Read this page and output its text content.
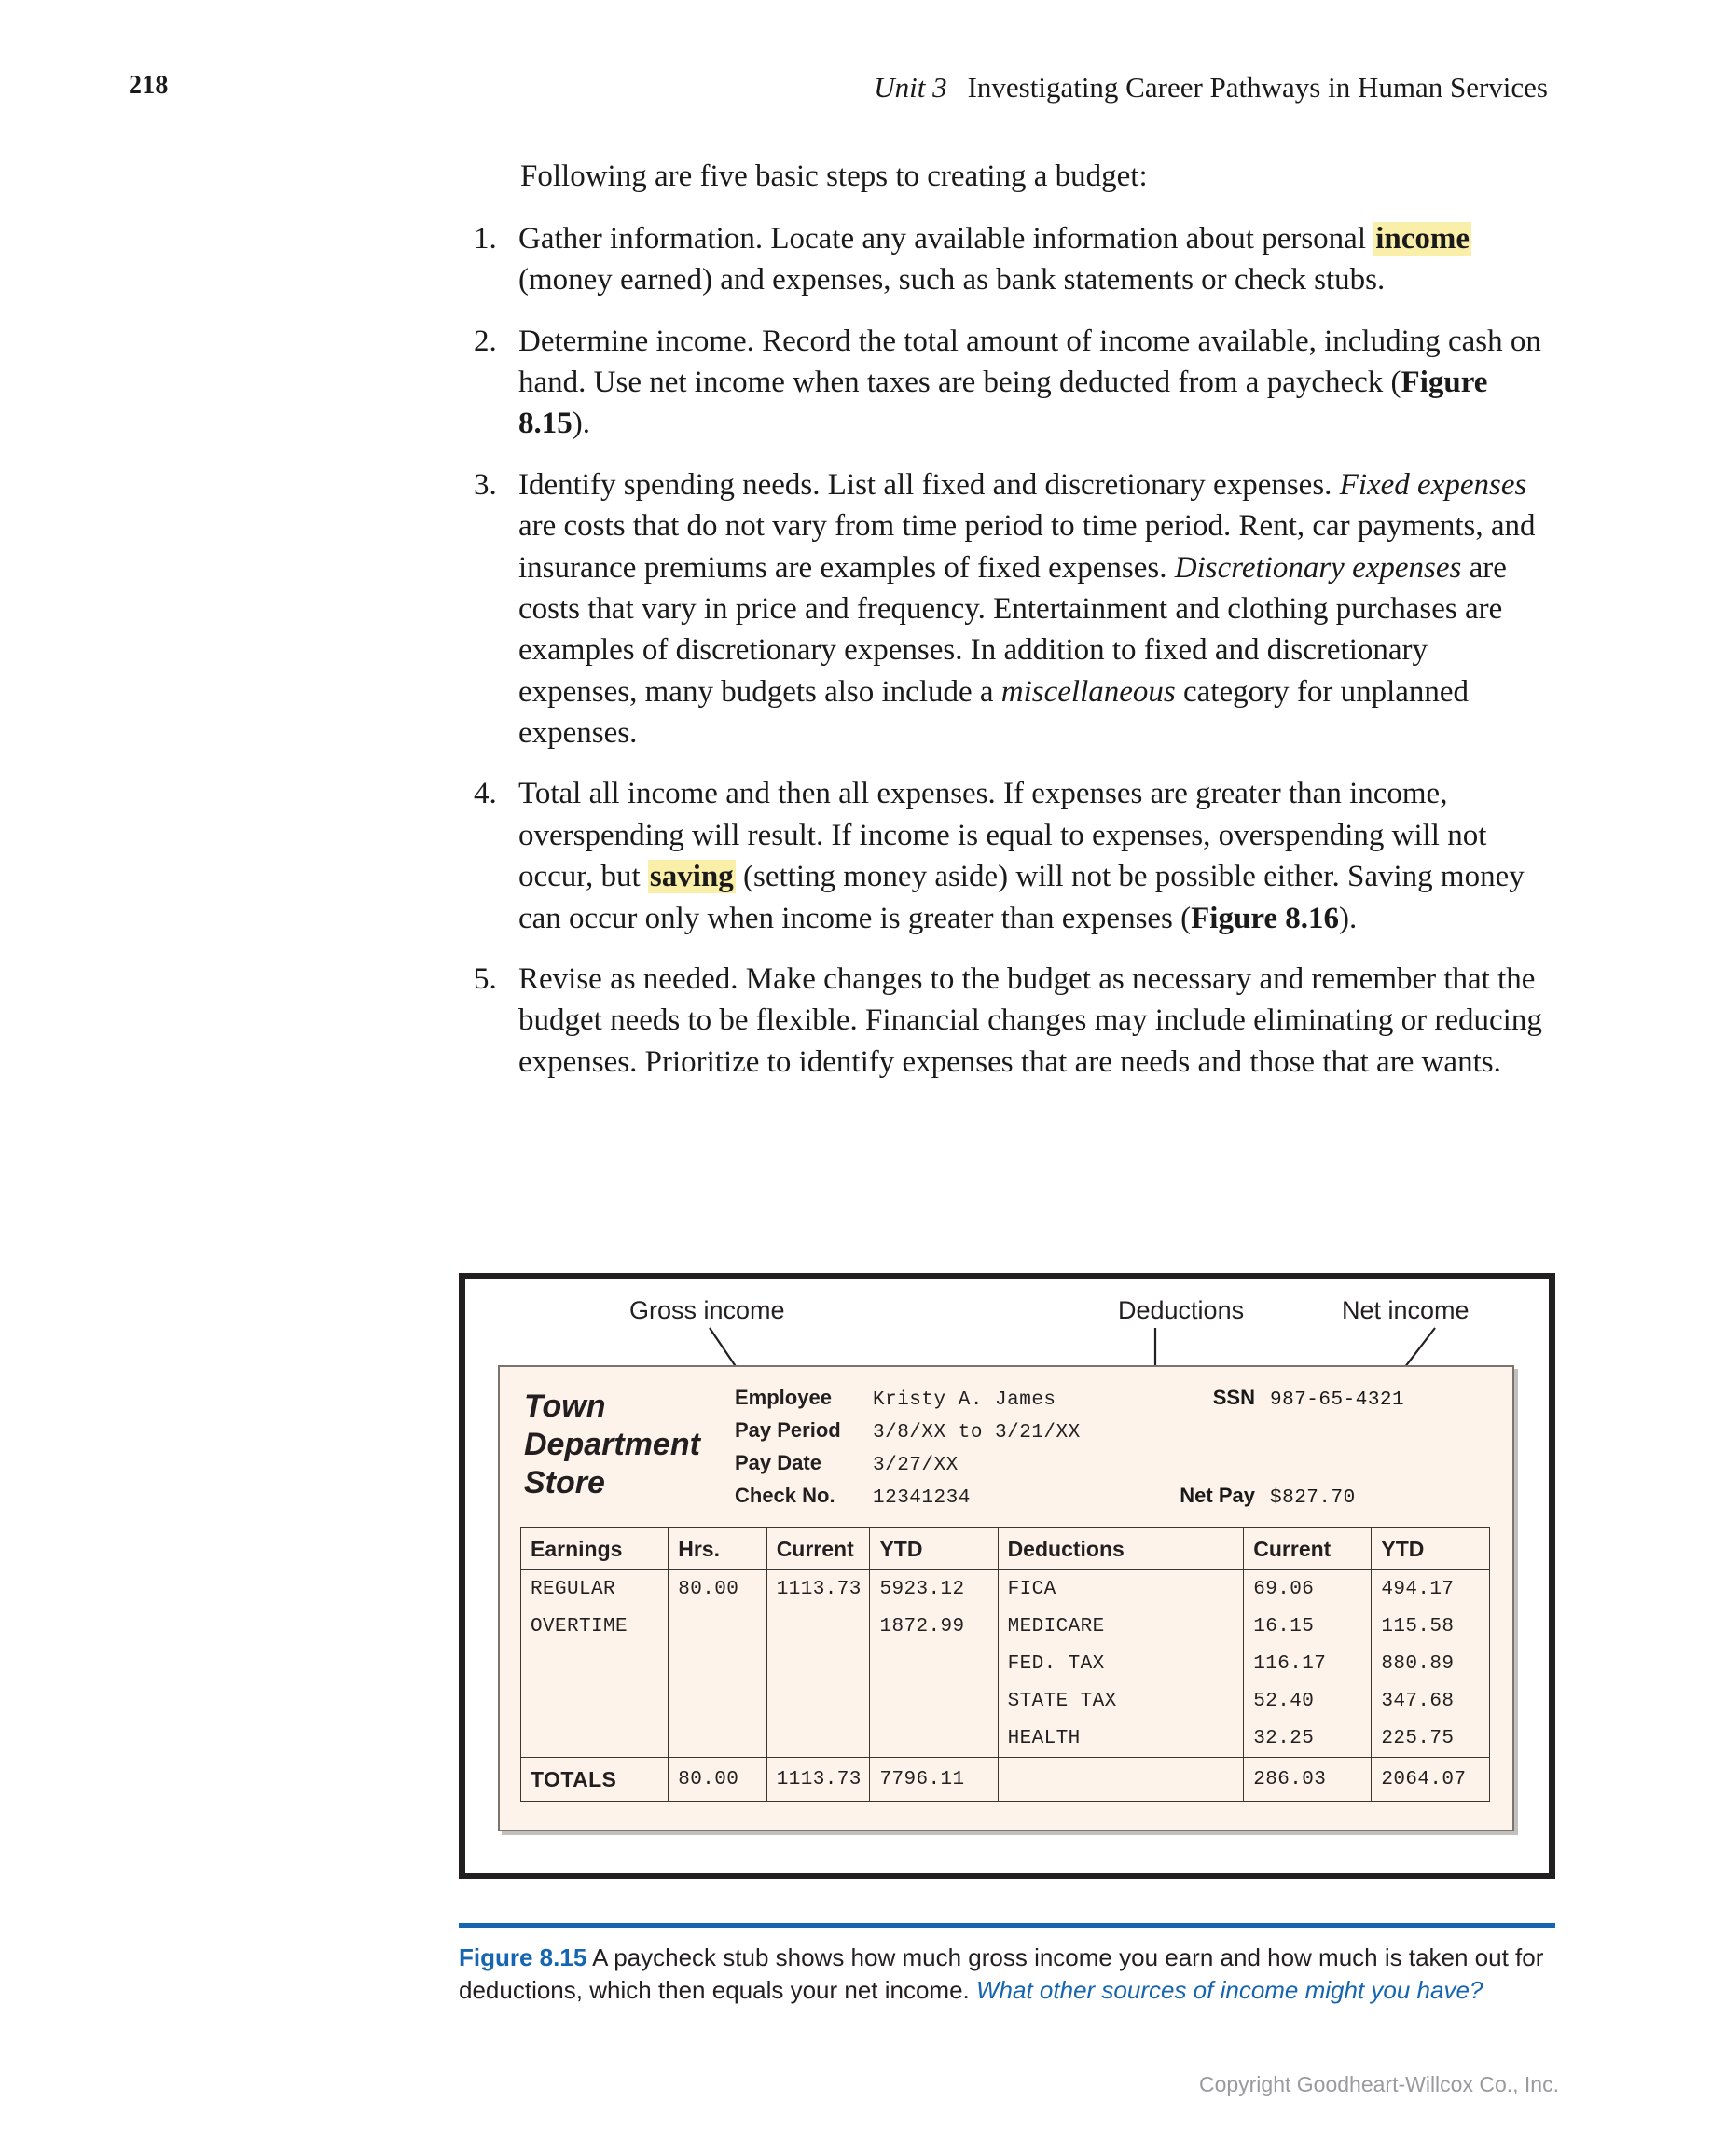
218	Unit 3 Investigating Career Pathways in Human Services

Following are five basic steps to creating a budget:

1. Gather information. Locate any available information about personal income (money earned) and expenses, such as bank statements or check stubs.
2. Determine income. Record the total amount of income available, including cash on hand. Use net income when taxes are being deducted from a paycheck (Figure 8.15).
3. Identify spending needs. List all fixed and discretionary expenses. Fixed expenses are costs that do not vary from time period to time period. Rent, car payments, and insurance premiums are examples of fixed expenses. Discretionary expenses are costs that vary in price and frequency. Entertainment and clothing purchases are examples of discretionary expenses. In addition to fixed and discretionary expenses, many budgets also include a miscellaneous category for unplanned expenses.
4. Total all income and then all expenses. If expenses are greater than income, overspending will result. If income is equal to expenses, overspending will not occur, but saving (setting money aside) will not be possible either. Saving money can occur only when income is greater than expenses (Figure 8.16).
5. Revise as needed. Make changes to the budget as necessary and remember that the budget needs to be flexible. Financial changes may include eliminating or reducing expenses. Prioritize to identify expenses that are needs and those that are wants.
Gross income	Deductions	Net income
Town Department Store
Employee	Kristy A. James
Pay Period	3/8/XX to 3/21/XX
Pay Date	3/27/XX
Check No.	12341234
SSN 987-65-4321
Net Pay $827.70
Earnings	Hrs.	Current	YTD	Deductions	Current	YTD
REGULAR	80.00	1113.73	5923.12	FICA	69.06	494.17
OVERTIME			1872.99	MEDICARE	16.15	115.58
				FED. TAX	116.17	880.89
				STATE TAX	52.40	347.68
				HEALTH	32.25	225.75
TOTALS	80.00	1113.73	7796.11		286.03	2064.07
Figure 8.15 A paycheck stub shows how much gross income you earn and how much is taken out for deductions, which then equals your net income. What other sources of income might you have?
Copyright Goodheart-Willcox Co., Inc.
